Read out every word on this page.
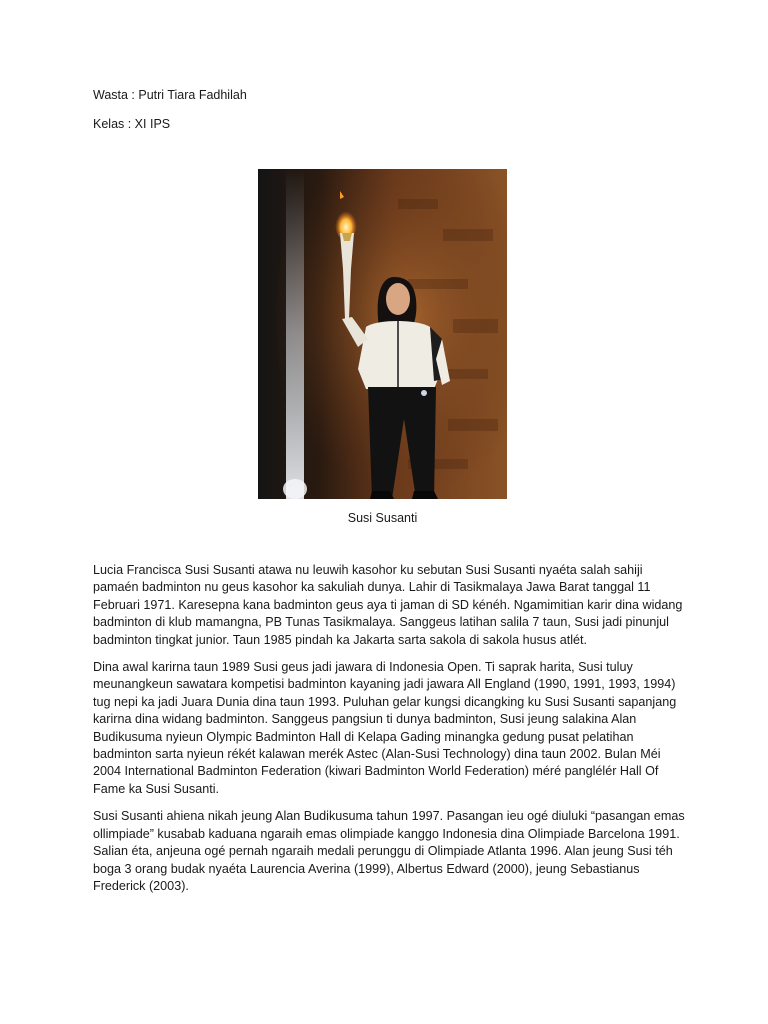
Wasta : Putri Tiara Fadhilah
Kelas : XI IPS
Susi Susanti

Lucia Francisca Susi Susanti atawa nu leuwih kasohor ku sebutan Susi Susanti nyaéta salah sahiji pamaén badminton nu geus kasohor ka sakuliah dunya. Lahir di Tasikmalaya Jawa Barat tanggal 11 Februari 1971. Karesepna kana badminton geus aya ti jaman di SD kénéh. Ngamimitian karir dina widang badminton di klub mamangna, PB Tunas Tasikmalaya. Sanggeus latihan salila 7 taun, Susi jadi pinunjul badminton tingkat junior. Taun 1985 pindah ka Jakarta sarta sakola di sakola husus atlét.

Dina awal karirna taun 1989 Susi geus jadi jawara di Indonesia Open. Ti saprak harita, Susi tuluy meunangkeun sawatara kompetisi badminton kayaning jadi jawara All England (1990, 1991, 1993, 1994) tug nepi ka jadi Juara Dunia dina taun 1993. Puluhan gelar kungsi dicangking ku Susi Susanti sapanjang karirna dina widang badminton. Sanggeus pangsiun ti dunya badminton, Susi jeung salakina Alan Budikusuma nyieun Olympic Badminton Hall di Kelapa Gading minangka gedung pusat pelatihan badminton sarta nyieun rékét kalawan merék Astec (Alan-Susi Technology) dina taun 2002. Bulan Méi 2004 International Badminton Federation (kiwari Badminton World Federation) méré panglélér Hall Of Fame ka Susi Susanti.

Susi Susanti ahiena nikah jeung Alan Budikusuma tahun 1997. Pasangan ieu ogé diuluki “pasangan emas ollimpiade” kusabab kaduana ngaraih emas olimpiade kanggo Indonesia dina Olimpiade Barcelona 1991. Salian éta, anjeuna ogé pernah ngaraih medali perunggu di Olimpiade Atlanta 1996. Alan jeung Susi téh boga 3 orang budak nyaéta Laurencia Averina (1999), Albertus Edward (2000), jeung Sebastianus Frederick (2003).
